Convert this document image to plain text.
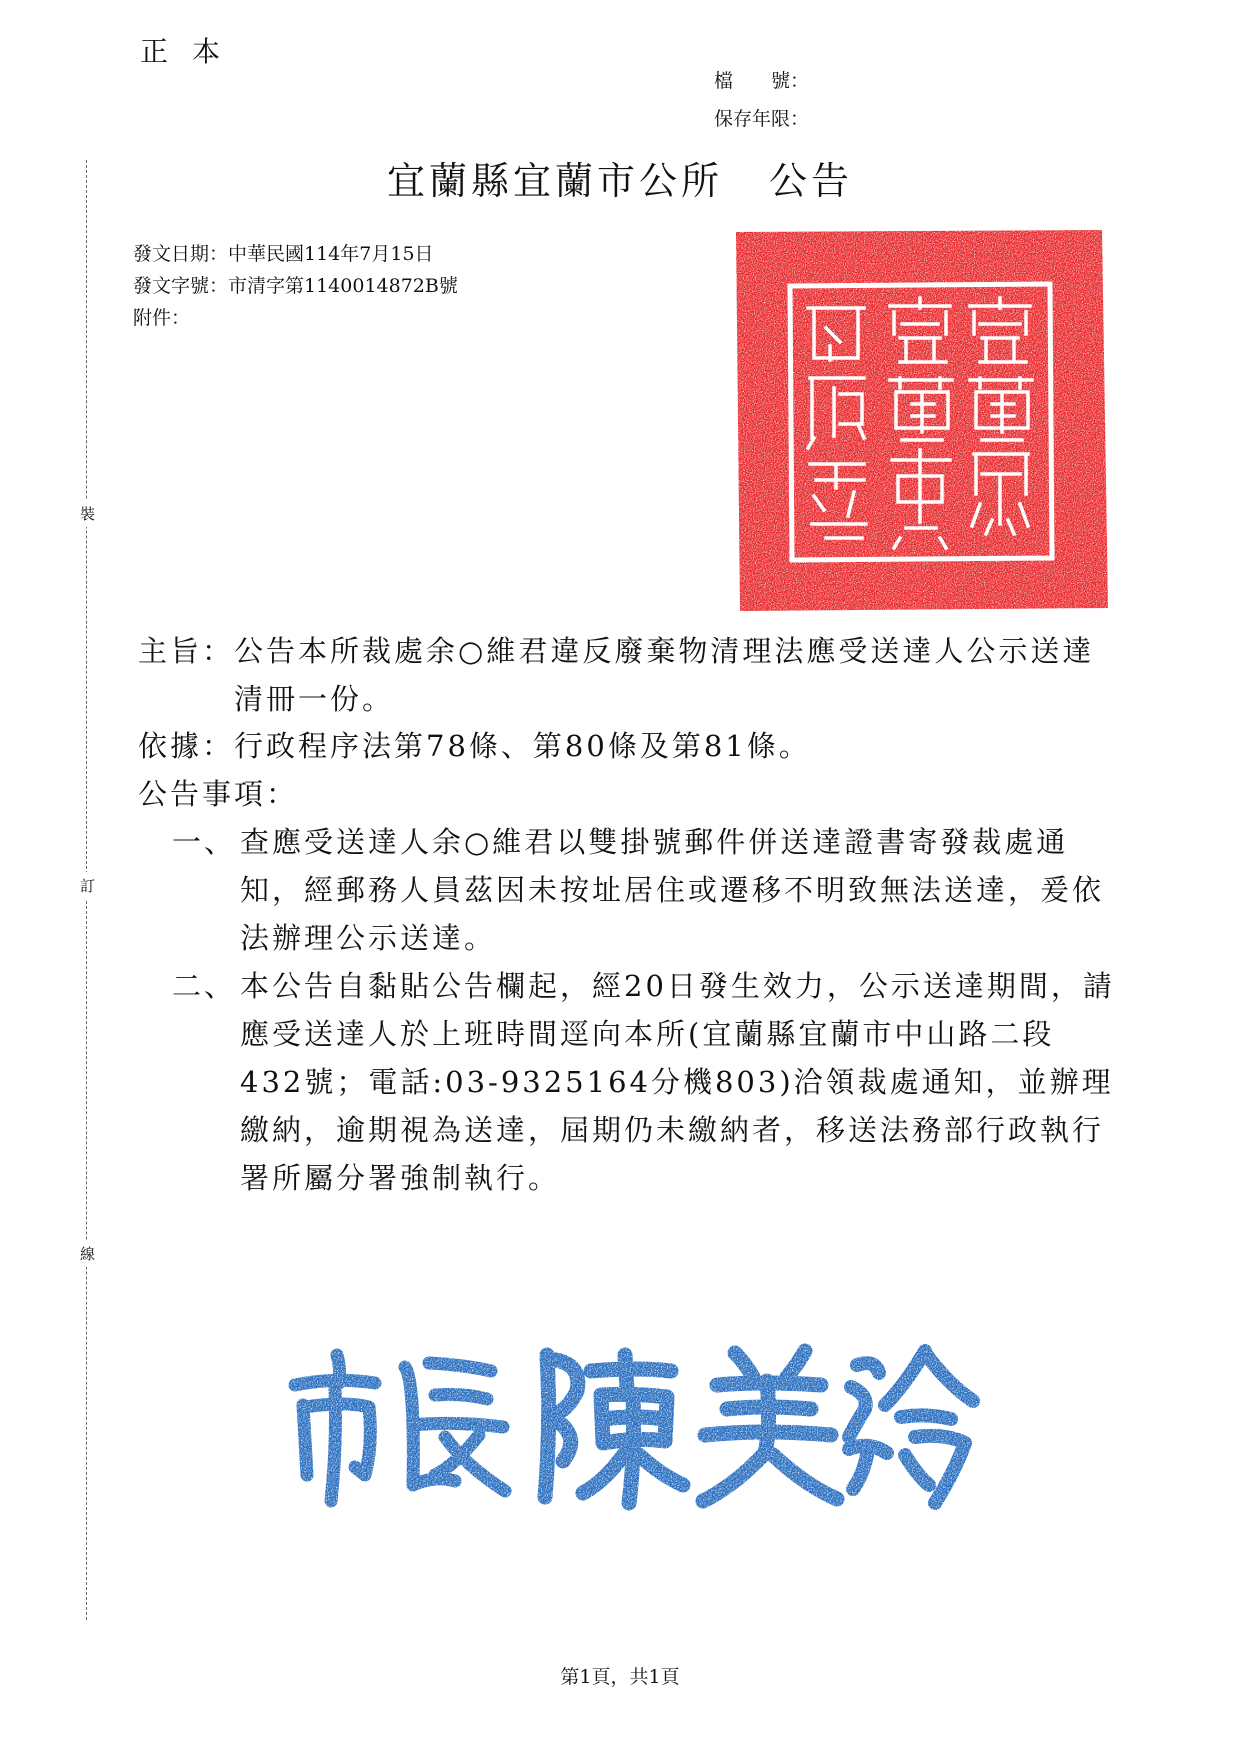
正本
檔　　號：
保存年限：
宜蘭縣宜蘭市公所 公告
發文日期：中華民國114年7月15日
發文字號：市清字第1140014872B號
附件：
裝
訂
線
主旨： 公告本所裁處余○維君違反廢棄物清理法應受送達人公示送達清冊一份。
依據： 行政程序法第78條、第80條及第81條。
公告事項：
一、 查應受送達人余○維君以雙掛號郵件併送達證書寄發裁處通知，經郵務人員茲因未按址居住或遷移不明致無法送達，爰依法辦理公示送達。
二、 本公告自黏貼公告欄起，經20日發生效力，公示送達期間，請應受送達人於上班時間逕向本所(宜蘭縣宜蘭市中山路二段432號；電話:03-9325164分機803)洽領裁處通知，並辦理繳納，逾期視為送達，屆期仍未繳納者，移送法務部行政執行署所屬分署強制執行。
第1頁，共1頁
